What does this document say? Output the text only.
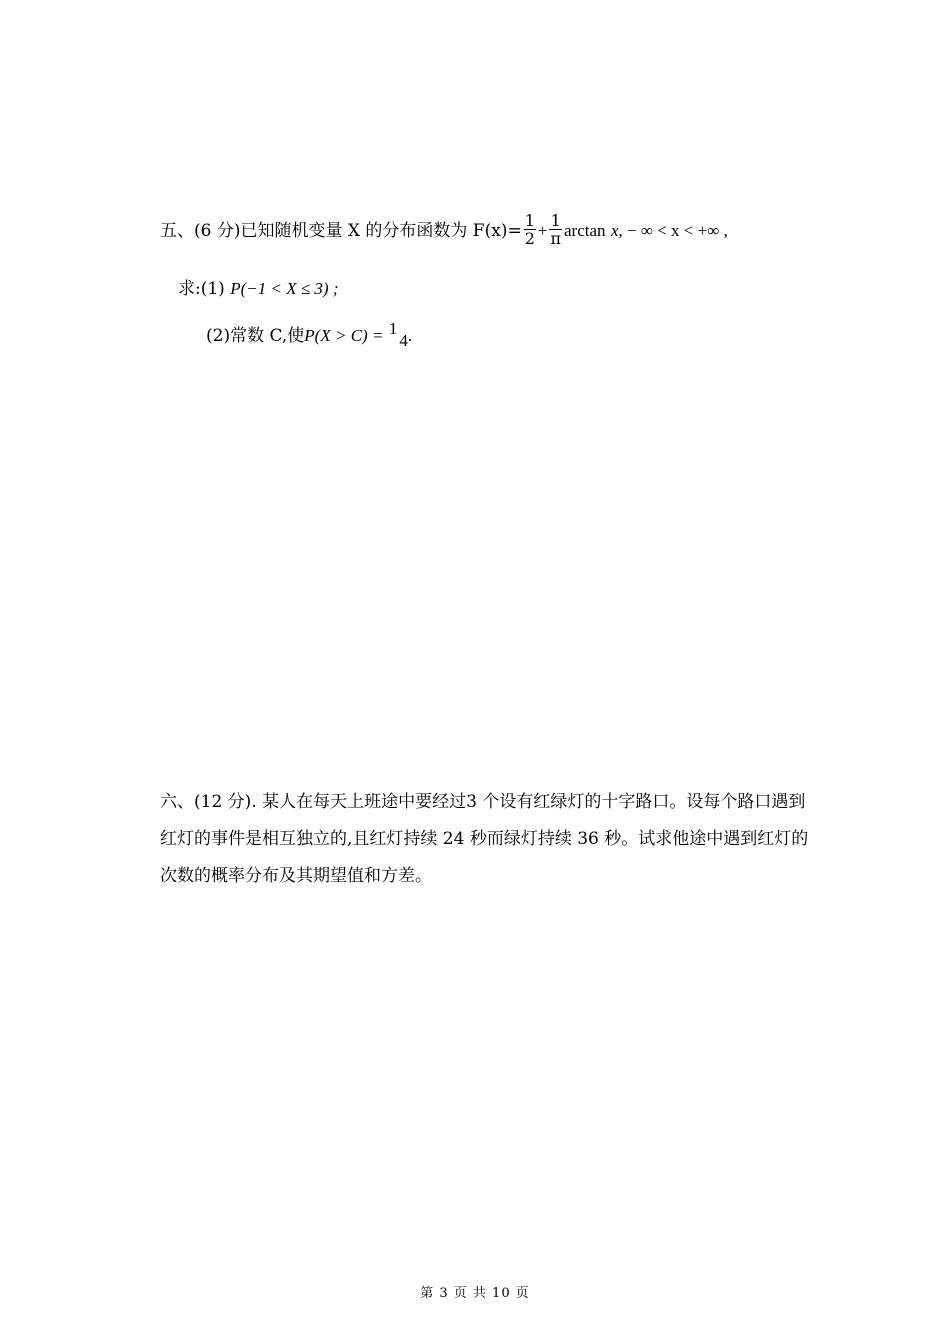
五、(6 分)已知随机变量 X 的分布函数为 $F(x)= \frac{1}{2} + \frac{1}{\pi}$ arctan x, − ∞ < x < +∞ ,
求:(1) P(−1 < X ≤ 3) ;
(2)常数 C,使P(X > C) = 14.
六、(12 分). 某人在每天上班途中要经过3 个设有红绿灯的十字路口。设每个路口遇到
红灯的事件是相互独立的,且红灯持续 24 秒而绿灯持续 36 秒。试求他途中遇到红灯的
次数的概率分布及其期望值和方差。
第 3 页 共 10 页
